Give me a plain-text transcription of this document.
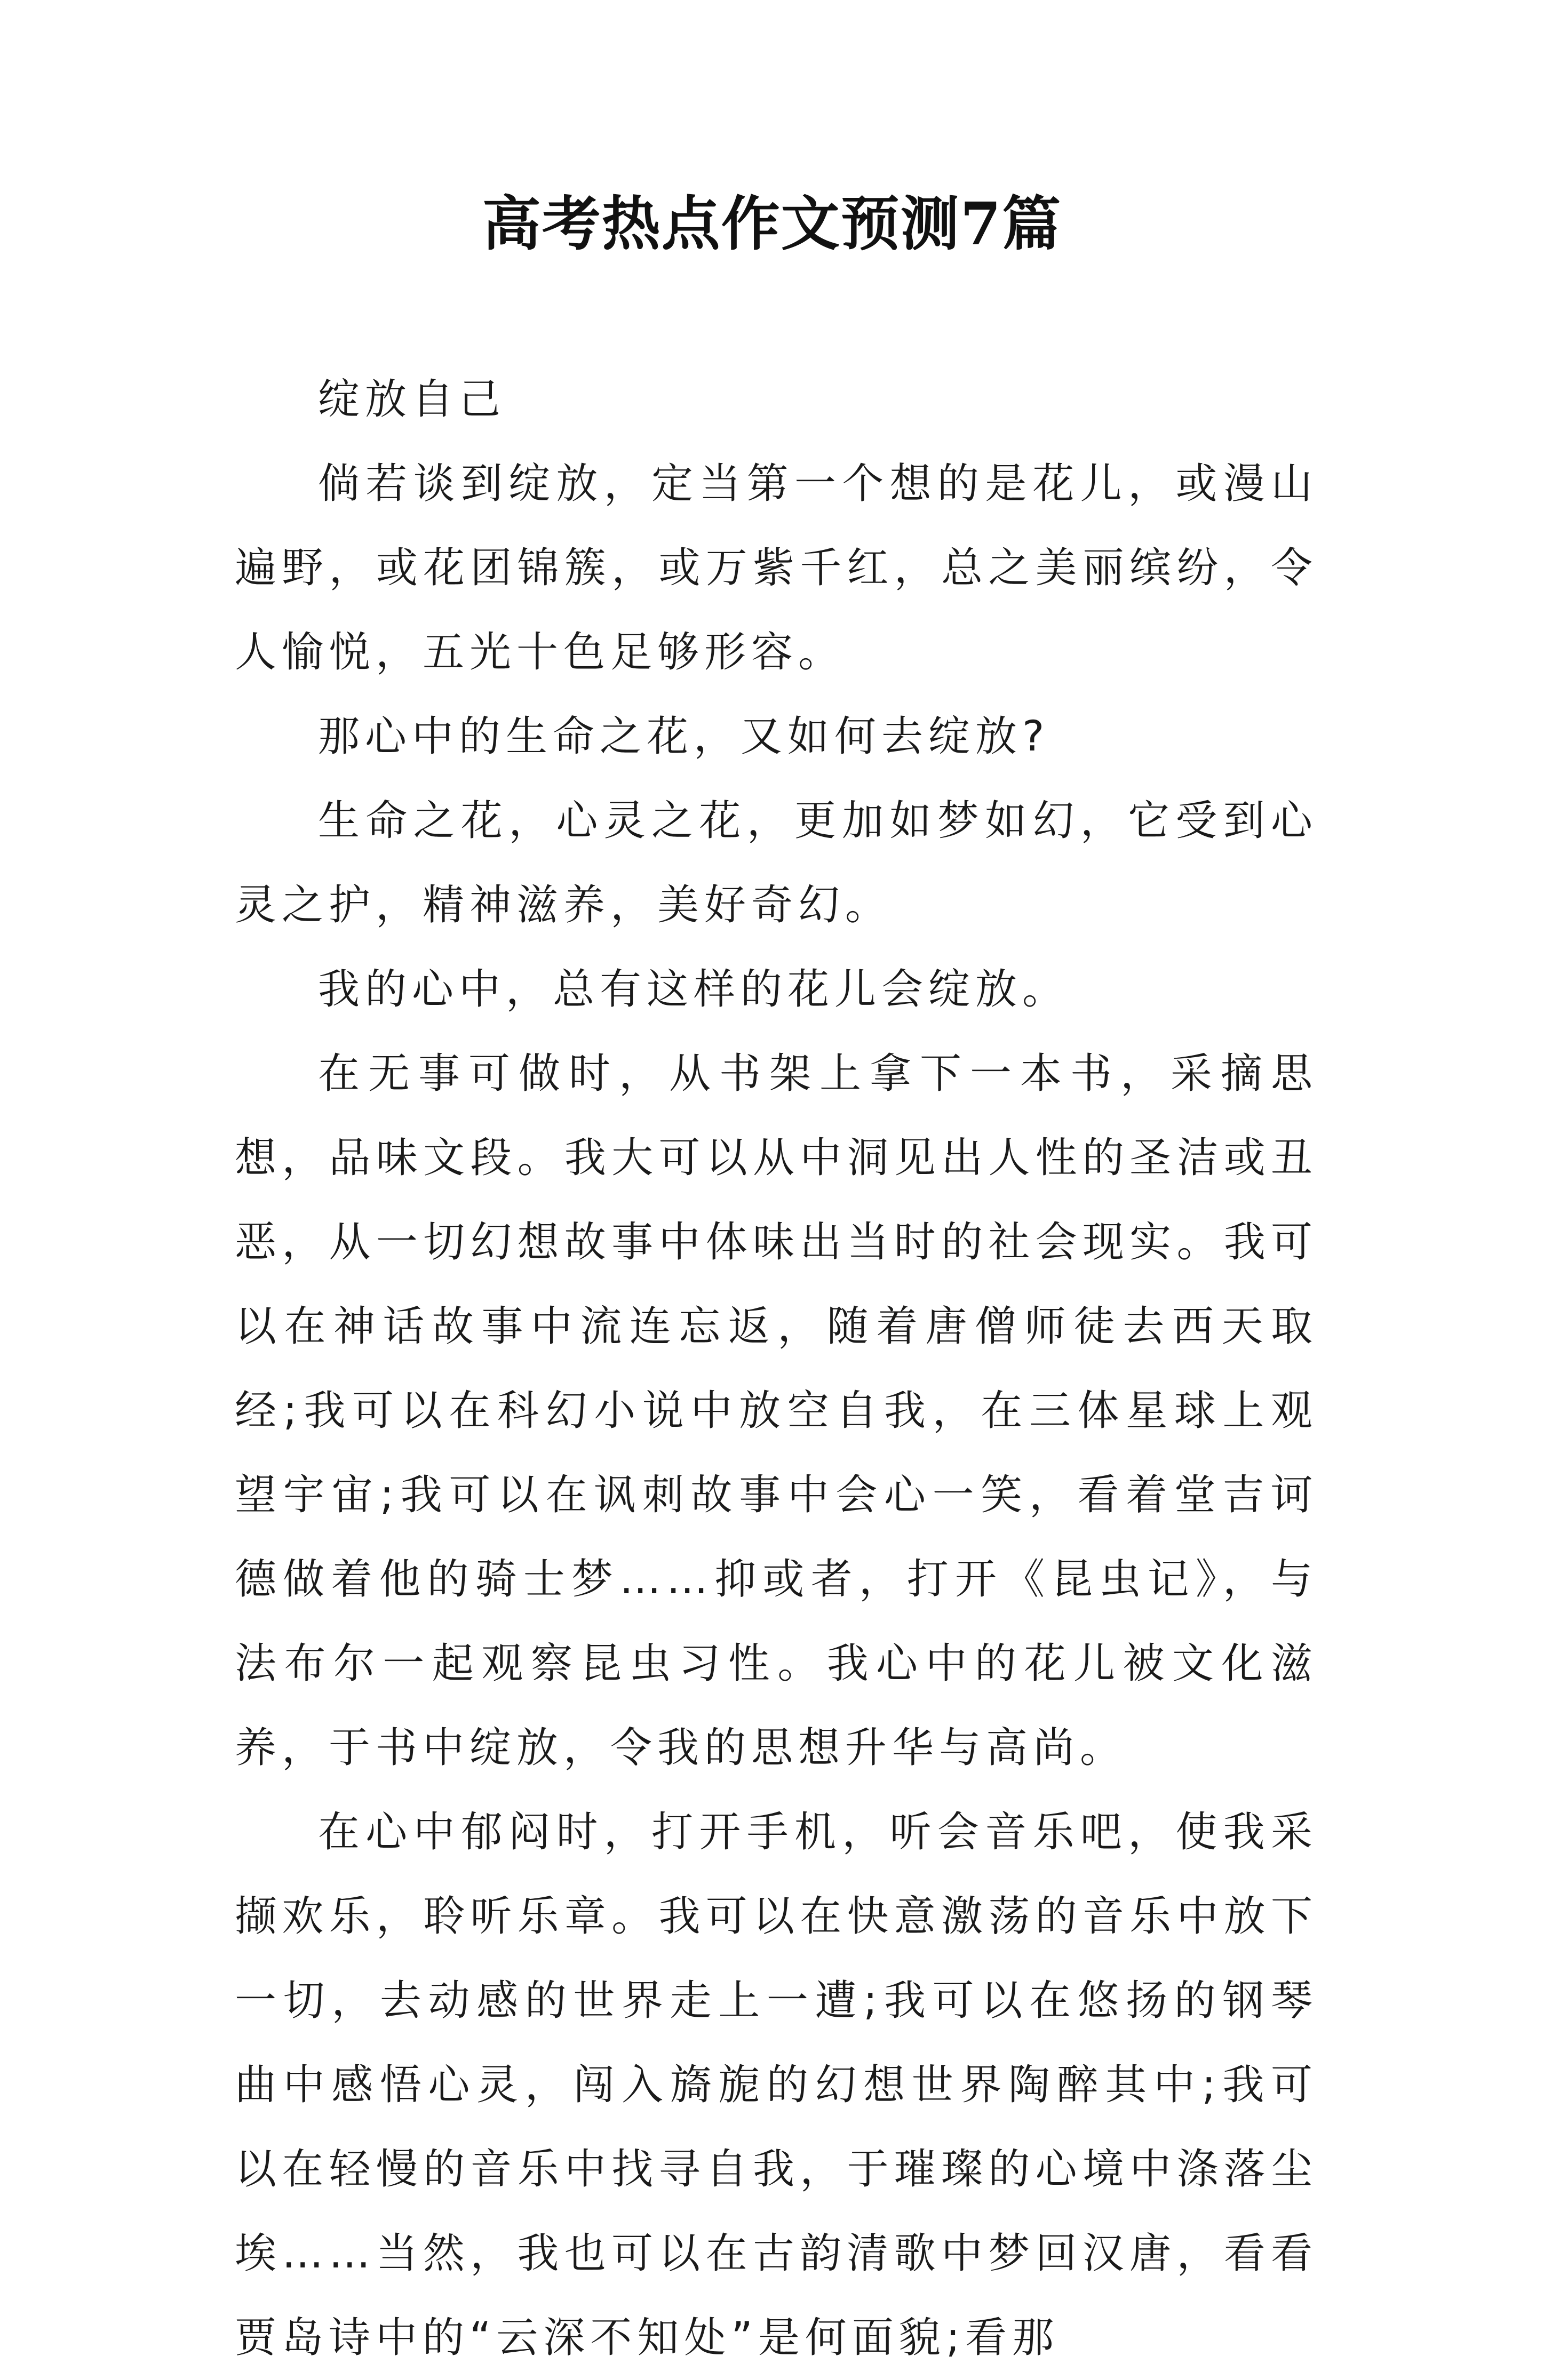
高考热点作文预测7篇

绽放自己

倘若谈到绽放，定当第一个想的是花儿，或漫山遍野，或花团锦簇，或万紫千红，总之美丽缤纷，令人愉悦，五光十色足够形容。

那心中的生命之花，又如何去绽放?

生命之花，心灵之花，更加如梦如幻，它受到心灵之护，精神滋养，美好奇幻。

我的心中，总有这样的花儿会绽放。

在无事可做时，从书架上拿下一本书，采摘思想，品味文段。我大可以从中洞见出人性的圣洁或丑恶，从一切幻想故事中体味出当时的社会现实。我可以在神话故事中流连忘返，随着唐僧师徒去西天取经;我可以在科幻小说中放空自我，在三体星球上观望宇宙;我可以在讽刺故事中会心一笑，看着堂吉诃德做着他的骑士梦……抑或者，打开《昆虫记》，与法布尔一起观察昆虫习性。我心中的花儿被文化滋养，于书中绽放，令我的思想升华与高尚。

在心中郁闷时，打开手机，听会音乐吧，使我采撷欢乐，聆听乐章。我可以在快意激荡的音乐中放下一切，去动感的世界走上一遭;我可以在悠扬的钢琴曲中感悟心灵，闯入旖旎的幻想世界陶醉其中;我可以在轻慢的音乐中找寻自我，于璀璨的心境中涤落尘埃……当然，我也可以在古韵清歌中梦回汉唐，看看贾岛诗中的“云深不知处”是何面貌;看那
